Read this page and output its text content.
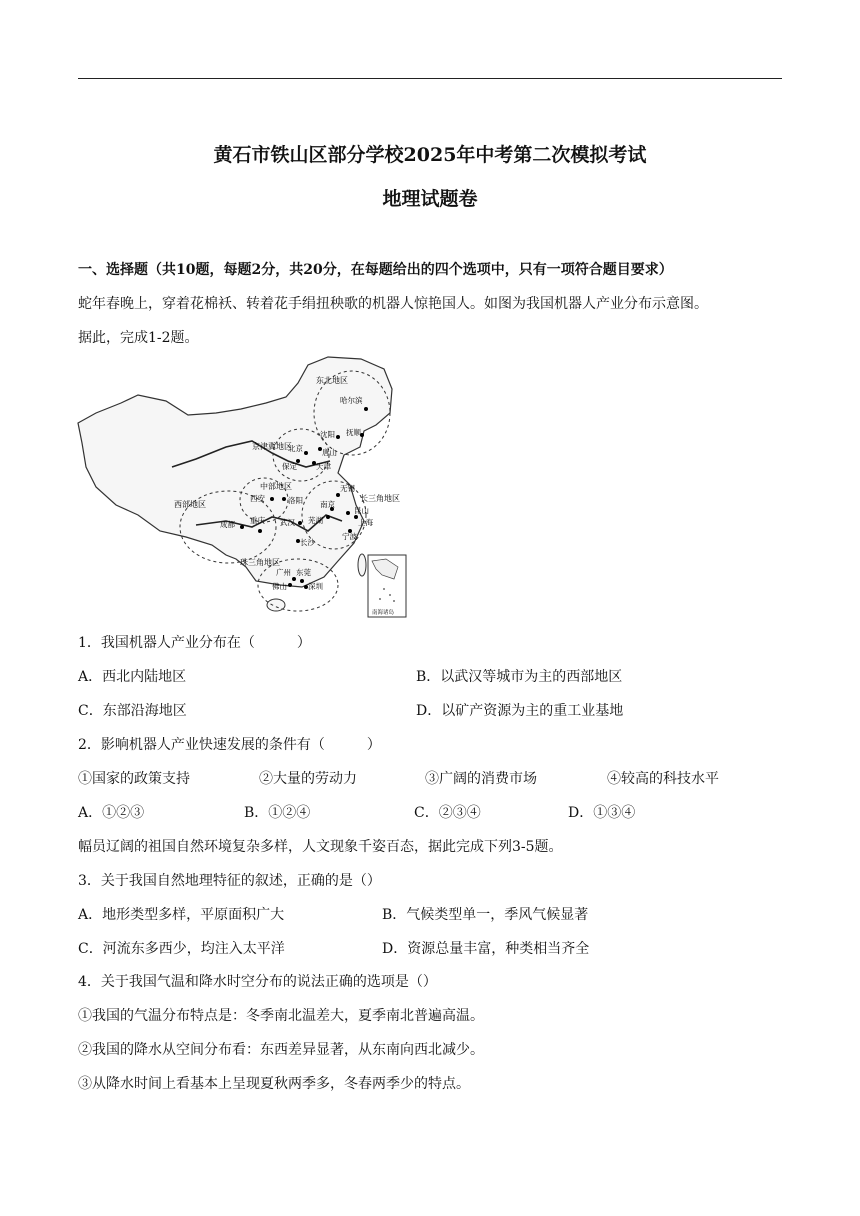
黄石市铁山区部分学校2025年中考第二次模拟考试
地理试题卷
一、选择题（共10题，每题2分，共20分，在每题给出的四个选项中，只有一项符合题目要求）
蛇年春晚上，穿着花棉袄、转着花手绢扭秧歌的机器人惊艳国人。如图为我国机器人产业分布示意图。
据此，完成1-2题。
东北地区
京津冀地区
中部地区
西部地区
长三角地区
珠三角地区
哈尔滨
沈阳 抚顺
北京	唐山
保定	天津
西安	洛阳
芜湖
无锡
南京
昆山
上海
成都 重庆 武汉
长沙
宁波
广州 东莞
佛山	深圳
南海诸岛
1．我国机器人产业分布在（　　　）
A．西北内陆地区	B．以武汉等城市为主的西部地区
C．东部沿海地区	D．以矿产资源为主的重工业基地
2．影响机器人产业快速发展的条件有（　　　）
①国家的政策支持	②大量的劳动力	③广阔的消费市场	④较高的科技水平
A．①②③	B．①②④	C．②③④	D．①③④
幅员辽阔的祖国自然环境复杂多样，人文现象千姿百态，据此完成下列3-5题。
3．关于我国自然地理特征的叙述，正确的是（）
A．地形类型多样，平原面积广大	B．气候类型单一，季风气候显著
C．河流东多西少，均注入太平洋	D．资源总量丰富，种类相当齐全
4．关于我国气温和降水时空分布的说法正确的选项是（）
①我国的气温分布特点是：冬季南北温差大，夏季南北普遍高温。
②我国的降水从空间分布看：东西差异显著，从东南向西北减少。
③从降水时间上看基本上呈现夏秋两季多，冬春两季少的特点。
